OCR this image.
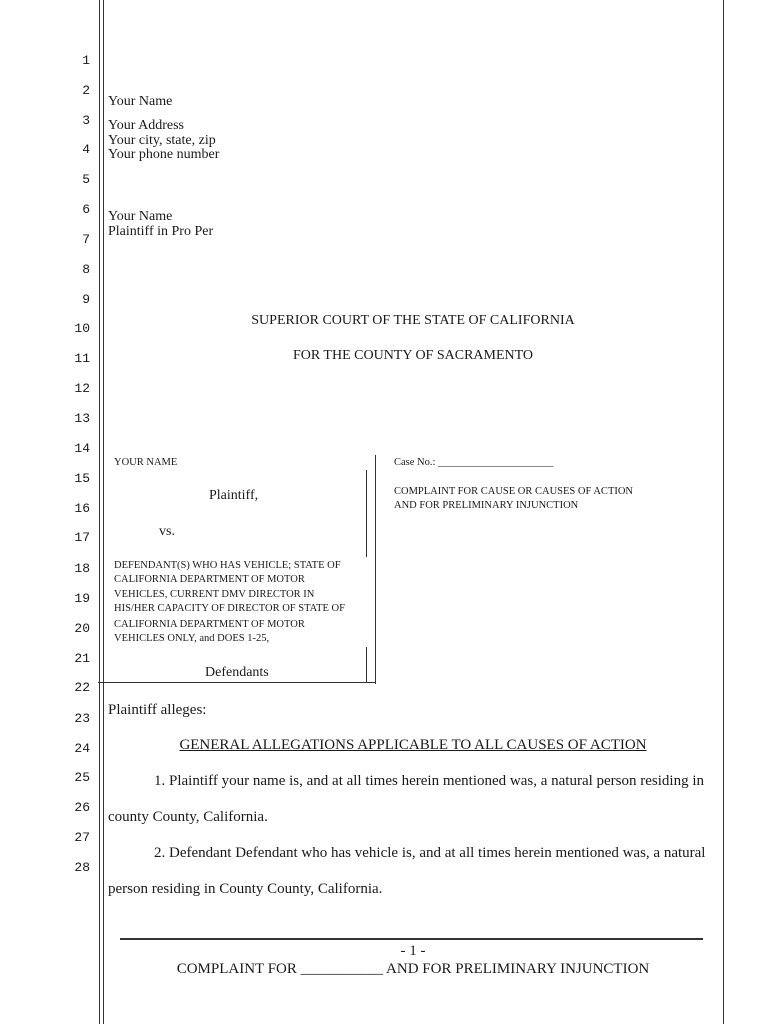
1
2
3
4
5
6
7
8
9
10
11
12
13
14
15
16
17
18
19
20
21
22
23
24
25
26
27
28
Your Name
Your Address
Your city, state, zip
Your phone number
Your Name
Plaintiff in Pro Per
SUPERIOR COURT OF THE STATE OF CALIFORNIA
FOR THE COUNTY OF SACRAMENTO
YOUR NAME
Plaintiff,
vs.
DEFENDANT(S) WHO HAS VEHICLE; STATE OF
CALIFORNIA DEPARTMENT OF MOTOR
VEHICLES, CURRENT DMV DIRECTOR IN
HIS/HER CAPACITY OF DIRECTOR OF STATE OF
CALIFORNIA DEPARTMENT OF MOTOR
VEHICLES ONLY, and DOES 1-25,
Defendants
Case No.: ______________________
COMPLAINT FOR CAUSE OR CAUSES OF ACTION
AND FOR PRELIMINARY INJUNCTION
Plaintiff alleges:
GENERAL ALLEGATIONS APPLICABLE TO ALL CAUSES OF ACTION
1. Plaintiff your name is, and at all times herein mentioned was, a natural person residing in
county County, California.
2. Defendant Defendant who has vehicle is, and at all times herein mentioned was, a natural
person residing in County County, California.
- 1 -
COMPLAINT FOR ___________ AND FOR PRELIMINARY INJUNCTION
